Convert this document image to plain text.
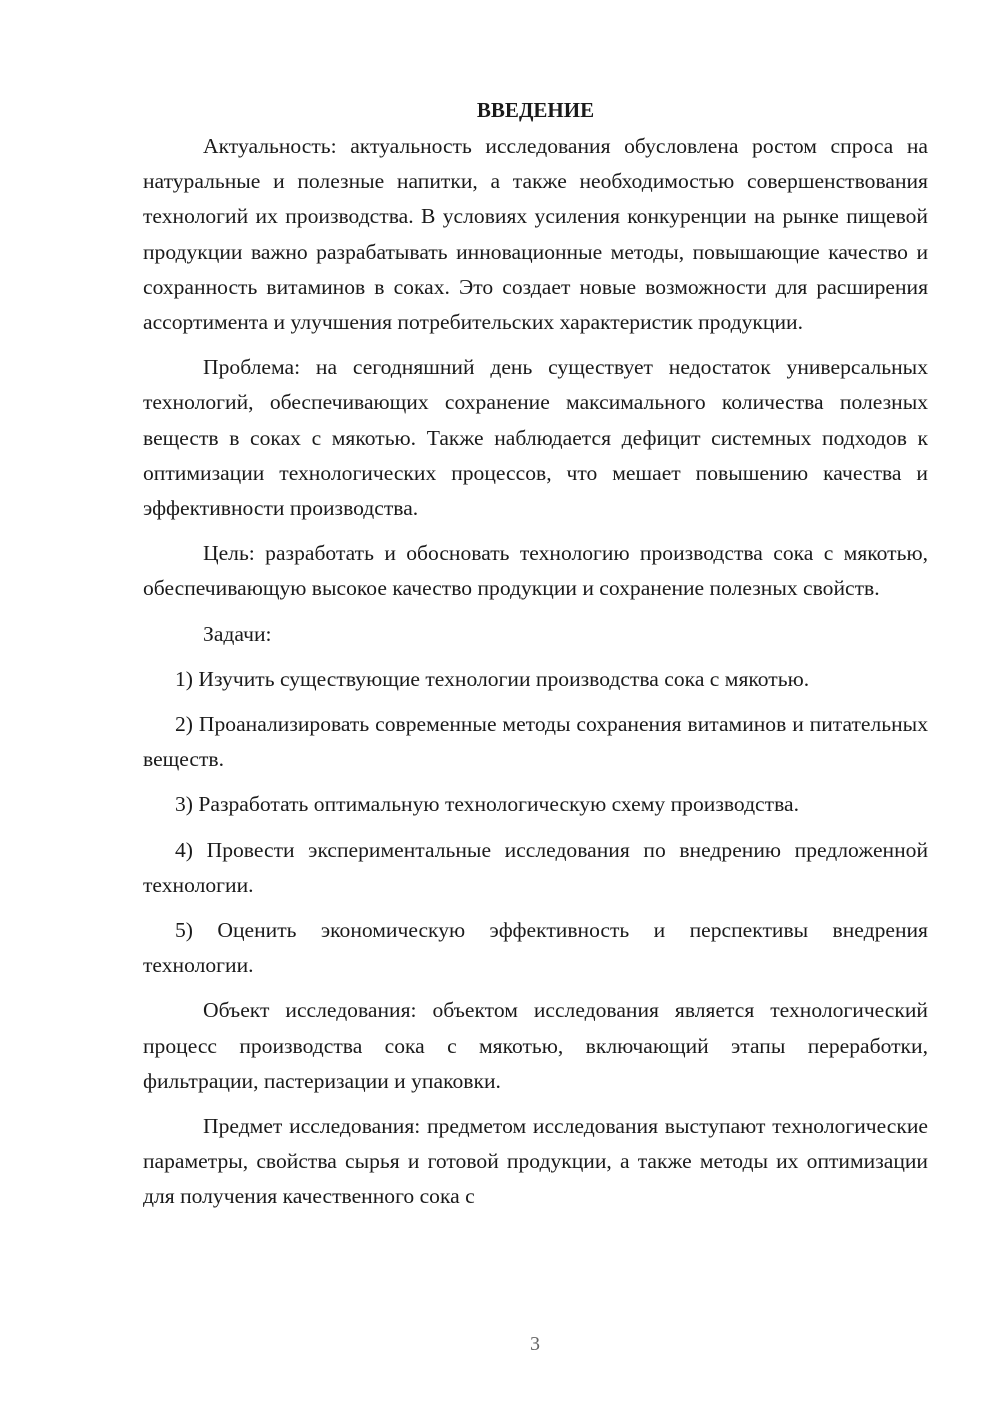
ВВЕДЕНИЕ

Актуальность: актуальность исследования обусловлена ростом спроса на натуральные и полезные напитки, а также необходимостью совершенствования технологий их производства. В условиях усиления конкуренции на рынке пищевой продукции важно разрабатывать инновационные методы, повышающие качество и сохранность витаминов в соках. Это создает новые возможности для расширения ассортимента и улучшения потребительских характеристик продукции.

Проблема: на сегодняшний день существует недостаток универсальных технологий, обеспечивающих сохранение максимального количества полезных веществ в соках с мякотью. Также наблюдается дефицит системных подходов к оптимизации технологических процессов, что мешает повышению качества и эффективности производства.

Цель: разработать и обосновать технологию производства сока с мякотью, обеспечивающую высокое качество продукции и сохранение полезных свойств.

Задачи:

1) Изучить существующие технологии производства сока с мякотью.

2) Проанализировать современные методы сохранения витаминов и питательных веществ.

3) Разработать оптимальную технологическую схему производства.

4) Провести экспериментальные исследования по внедрению предложенной технологии.

5) Оценить экономическую эффективность и перспективы внедрения технологии.

Объект исследования: объектом исследования является технологический процесс производства сока с мякотью, включающий этапы переработки, фильтрации, пастеризации и упаковки.

Предмет исследования: предметом исследования выступают технологические параметры, свойства сырья и готовой продукции, а также методы их оптимизации для получения качественного сока с

3
